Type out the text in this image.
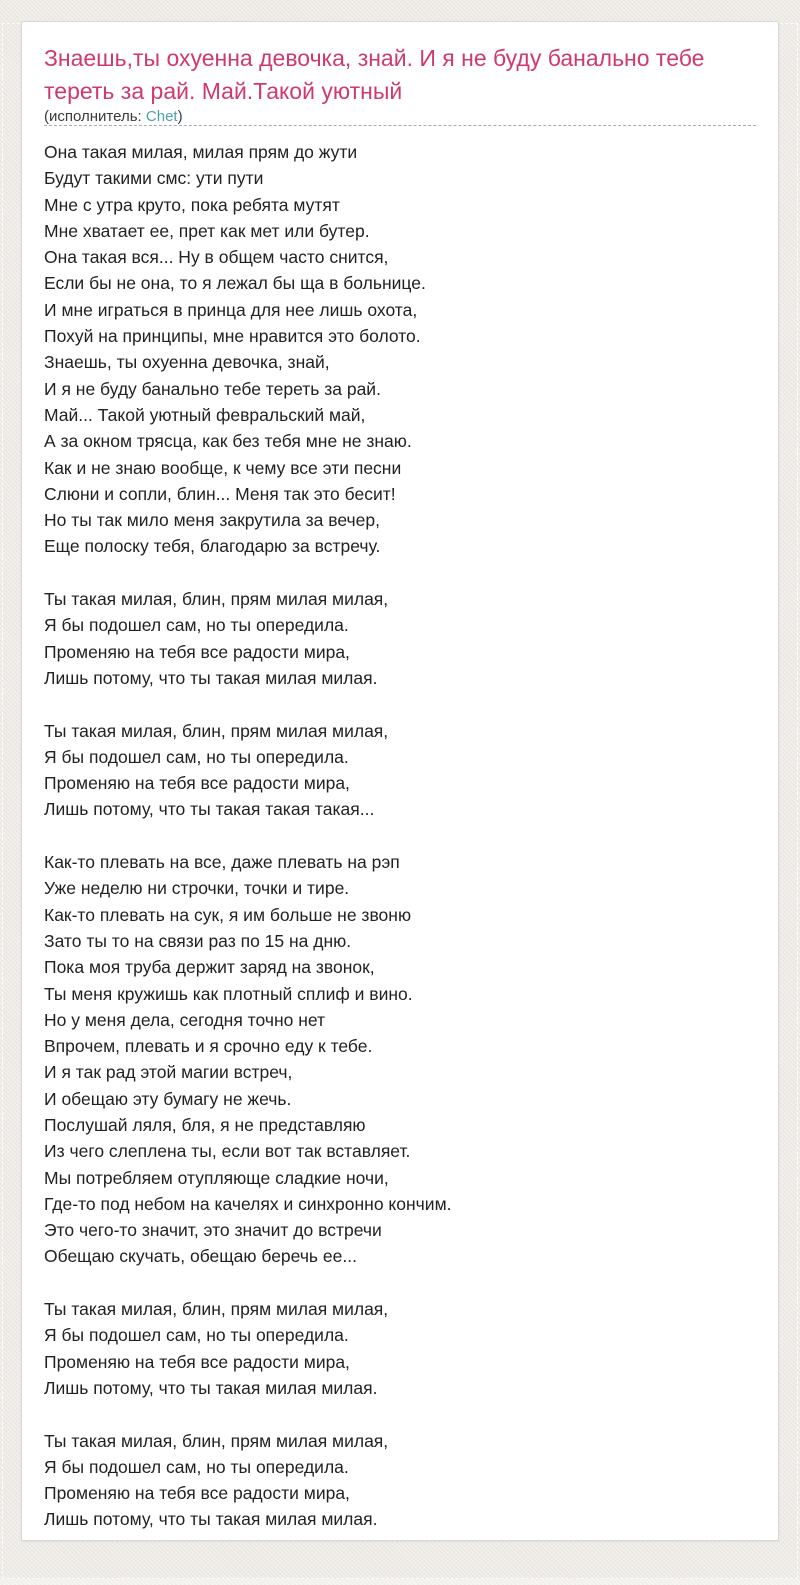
Знаешь,ты охуенна девочка, знай. И я не буду банально тебе тереть за рай. Май.Такой уютный
(исполнитель: Chet)
Она такая милая, милая прям до жути
Будут такими смс: ути пути
Мне с утра круто, пока ребята мутят
Мне хватает ее, прет как мет или бутер.
Она такая вся... Ну в общем часто снится,
Если бы не она, то я лежал бы ща в больнице.
И мне играться в принца для нее лишь охота,
Похуй на принципы, мне нравится это болото.
Знаешь, ты охуенна девочка, знай,
И я не буду банально тебе тереть за рай.
Май... Такой уютный февральский май,
А за окном трясца, как без тебя мне не знаю.
Как и не знаю вообще, к чему все эти песни
Слюни и сопли, блин... Меня так это бесит!
Но ты так мило меня закрутила за вечер,
Еще полоску тебя, благодарю за встречу.
Ты такая милая, блин, прям милая милая,
Я бы подошел сам, но ты опередила.
Променяю на тебя все радости мира,
Лишь потому, что ты такая милая милая.
Ты такая милая, блин, прям милая милая,
Я бы подошел сам, но ты опередила.
Променяю на тебя все радости мира,
Лишь потому, что ты такая такая такая...
Как-то плевать на все, даже плевать на рэп
Уже неделю ни строчки, точки и тире.
Как-то плевать на сук, я им больше не звоню
Зато ты то на связи раз по 15 на дню.
Пока моя труба держит заряд на звонок,
Ты меня кружишь как плотный сплиф и вино.
Но у меня дела, сегодня точно нет
Впрочем, плевать и я срочно еду к тебе.
И я так рад этой магии встреч,
И обещаю эту бумагу не жечь.
Послушай ляля, бля, я не представляю
Из чего слеплена ты, если вот так вставляет.
Мы потребляем отупляюще сладкие ночи,
Где-то под небом на качелях и синхронно кончим.
Это чего-то значит, это значит до встречи
Обещаю скучать, обещаю беречь ее...
Ты такая милая, блин, прям милая милая,
Я бы подошел сам, но ты опередила.
Променяю на тебя все радости мира,
Лишь потому, что ты такая милая милая.
Ты такая милая, блин, прям милая милая,
Я бы подошел сам, но ты опередила.
Променяю на тебя все радости мира,
Лишь потому, что ты такая милая милая.
